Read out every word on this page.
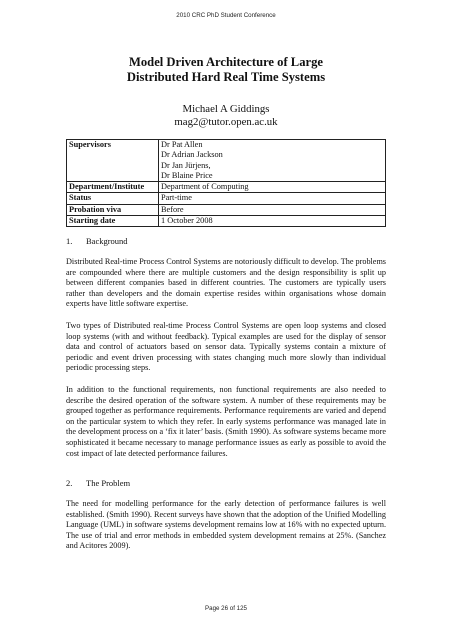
2010 CRC PhD Student Conference
Model Driven Architecture of Large
Distributed Hard Real Time Systems
Michael A Giddings
mag2@tutor.open.ac.uk
Supervisors	Dr Pat Allen
Dr Adrian Jackson
Dr Jan Jürjens,
Dr Blaine Price

Department/Institute	Department of Computing
Status	Part-time
Probation viva	Before
Starting date	1 October 2008
1. Background

Distributed Real-time Process Control Systems are notoriously difficult to develop. The problems are compounded where there are multiple customers and the design responsibility is split up between different companies based in different countries. The customers are typically users rather than developers and the domain expertise resides within organisations whose domain experts have little software expertise.

Two types of Distributed real-time Process Control Systems are open loop systems and closed loop systems (with and without feedback). Typical examples are used for the display of sensor data and control of actuators based on sensor data. Typically systems contain a mixture of periodic and event driven processing with states changing much more slowly than individual periodic processing steps.

In addition to the functional requirements, non functional requirements are also needed to describe the desired operation of the software system. A number of these requirements may be grouped together as performance requirements. Performance requirements are varied and depend on the particular system to which they refer. In early systems performance was managed late in the development process on a ‘fix it later’ basis. (Smith 1990). As software systems became more sophisticated it became necessary to manage performance issues as early as possible to avoid the cost impact of late detected performance failures.

2. The Problem

The need for modelling performance for the early detection of performance failures is well established. (Smith 1990). Recent surveys have shown that the adoption of the Unified Modelling Language (UML) in software systems development remains low at 16% with no expected upturn. The use of trial and error methods in embedded system development remains at 25%. (Sanchez and Acitores 2009).

Page 26 of 125
